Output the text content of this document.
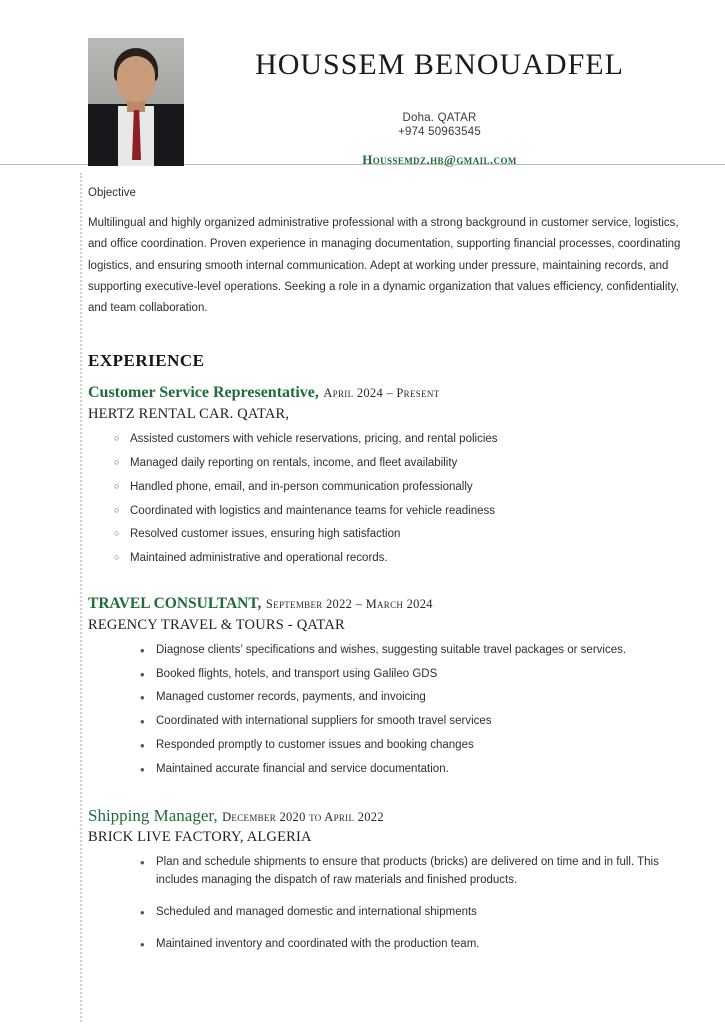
HOUSSEM BENOUADFEL
Doha. QATAR
+974 50963545
Houssemdz.hb@gmail.com
Objective

Multilingual and highly organized administrative professional with a strong background in customer service, logistics, and office coordination. Proven experience in managing documentation, supporting financial processes, coordinating logistics, and ensuring smooth internal communication. Adept at working under pressure, maintaining records, and supporting executive-level operations. Seeking a role in a dynamic organization that values efficiency, confidentiality, and team collaboration.

EXPERIENCE
Customer Service Representative, April 2024 – Present
HERTZ RENTAL CAR. QATAR,
○ Assisted customers with vehicle reservations, pricing, and rental policies
○ Managed daily reporting on rentals, income, and fleet availability
○ Handled phone, email, and in-person communication professionally
○ Coordinated with logistics and maintenance teams for vehicle readiness
○ Resolved customer issues, ensuring high satisfaction
○ Maintained administrative and operational records.
TRAVEL CONSULTANT, September 2022 – March 2024
REGENCY TRAVEL & TOURS - QATAR
• Diagnose clients’ specifications and wishes, suggesting suitable travel packages or services.
• Booked flights, hotels, and transport using Galileo GDS
• Managed customer records, payments, and invoicing
• Coordinated with international suppliers for smooth travel services
• Responded promptly to customer issues and booking changes
• Maintained accurate financial and service documentation.
Shipping Manager, December 2020 to April 2022
BRICK LIVE FACTORY, ALGERIA
• Plan and schedule shipments to ensure that products (bricks) are delivered on time and in full. This includes managing the dispatch of raw materials and finished products.
• Scheduled and managed domestic and international shipments
• Maintained inventory and coordinated with the production team.
